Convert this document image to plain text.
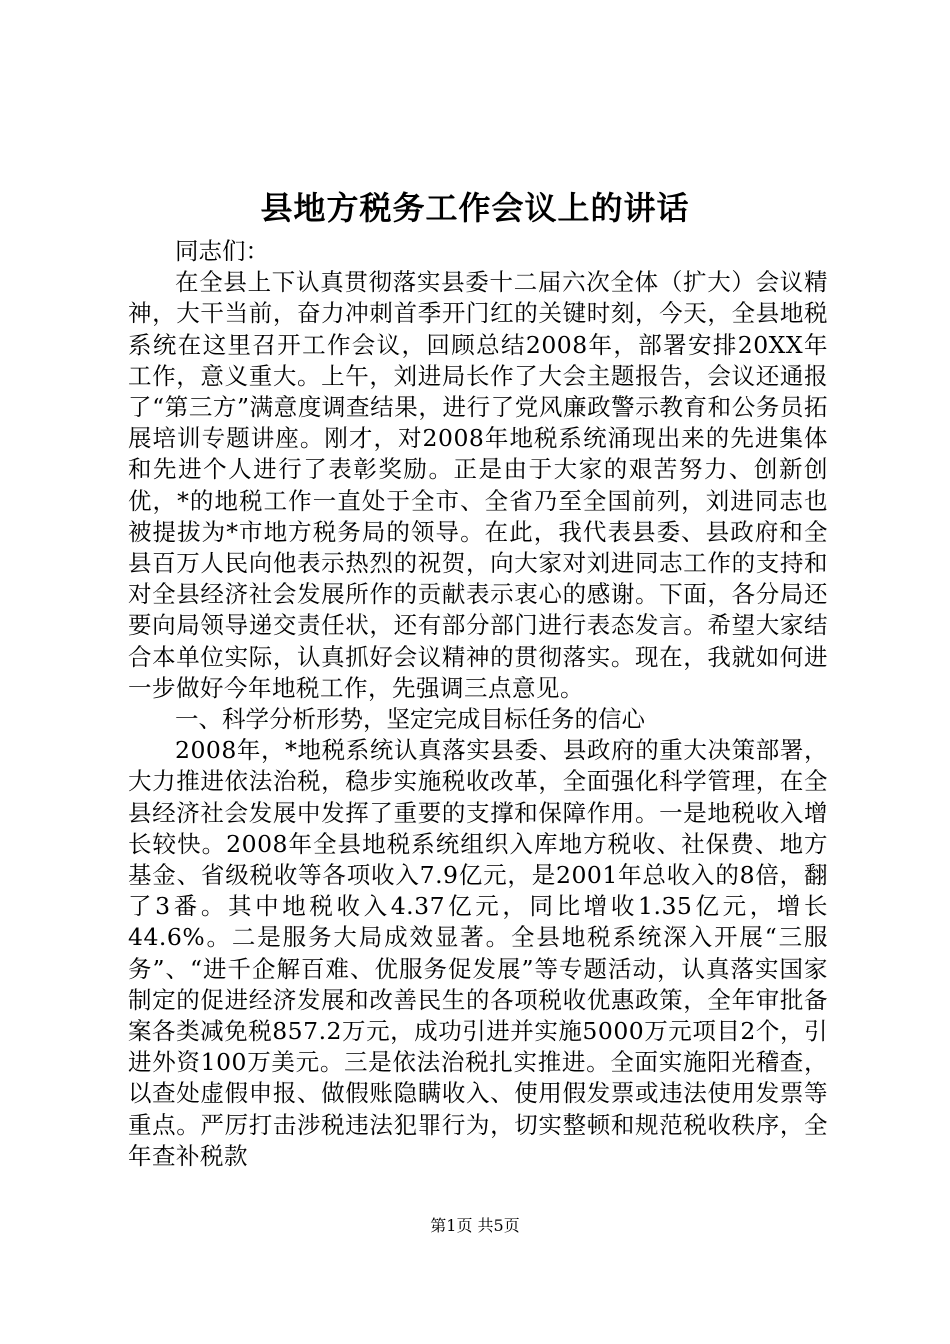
县地方税务工作会议上的讲话

同志们：

在全县上下认真贯彻落实县委十二届六次全体（扩大）会议精神，大干当前，奋力冲刺首季开门红的关键时刻，今天，全县地税系统在这里召开工作会议，回顾总结2008年，部署安排20XX年工作，意义重大。上午，刘进局长作了大会主题报告，会议还通报了“第三方”满意度调查结果，进行了党风廉政警示教育和公务员拓展培训专题讲座。刚才，对2008年地税系统涌现出来的先进集体和先进个人进行了表彰奖励。正是由于大家的艰苦努力、创新创优，*的地税工作一直处于全市、全省乃至全国前列，刘进同志也被提拔为*市地方税务局的领导。在此，我代表县委、县政府和全县百万人民向他表示热烈的祝贺，向大家对刘进同志工作的支持和对全县经济社会发展所作的贡献表示衷心的感谢。下面，各分局还要向局领导递交责任状，还有部分部门进行表态发言。希望大家结合本单位实际，认真抓好会议精神的贯彻落实。现在，我就如何进一步做好今年地税工作，先强调三点意见。

一、科学分析形势，坚定完成目标任务的信心

2008年，*地税系统认真落实县委、县政府的重大决策部署，大力推进依法治税，稳步实施税收改革，全面强化科学管理，在全县经济社会发展中发挥了重要的支撑和保障作用。一是地税收入增长较快。2008年全县地税系统组织入库地方税收、社保费、地方基金、省级税收等各项收入7.9亿元，是2001年总收入的8倍，翻了3番。其中地税收入4.37亿元，同比增收1.35亿元，增长44.6%。二是服务大局成效显著。全县地税系统深入开展“三服务”、“进千企解百难、优服务促发展”等专题活动，认真落实国家制定的促进经济发展和改善民生的各项税收优惠政策，全年审批备案各类减免税857.2万元，成功引进并实施5000万元项目2个，引进外资100万美元。三是依法治税扎实推进。全面实施阳光稽查，以查处虚假申报、做假账隐瞒收入、使用假发票或违法使用发票等重点。严厉打击涉税违法犯罪行为，切实整顿和规范税收秩序，全年查补税款

第1页 共5页
